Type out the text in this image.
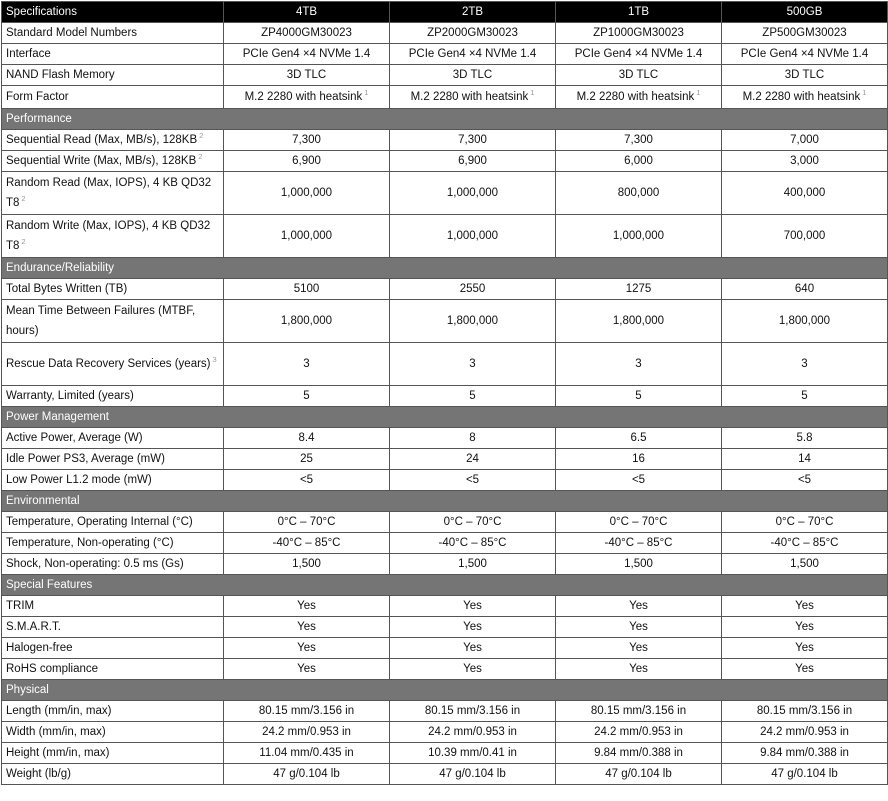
Specifications	4TB	2TB	1TB	500GB
Standard Model Numbers	ZP4000GM30023	ZP2000GM30023	ZP1000GM30023	ZP500GM30023
Interface	PCIe Gen4 ×4 NVMe 1.4	PCIe Gen4 ×4 NVMe 1.4	PCIe Gen4 ×4 NVMe 1.4	PCIe Gen4 ×4 NVMe 1.4
NAND Flash Memory	3D TLC	3D TLC	3D TLC	3D TLC
Form Factor	M.2 2280 with heatsink $^1$	M.2 2280 with heatsink $^1$	M.2 2280 with heatsink $^1$	M.2 2280 with heatsink $^1$
Performance				
Sequential Read (Max, MB/s), 128KB $^2$	7,300	7,300	7,300	7,000
Sequential Write (Max, MB/s), 128KB $^2$	6,900	6,900	6,000	3,000
Random Read (Max, IOPS), 4 KB QD32 T8 $^2$	1,000,000	1,000,000	800,000	400,000
Random Write (Max, IOPS), 4 KB QD32 T8 $^2$	1,000,000	1,000,000	1,000,000	700,000
Endurance/Reliability				
Total Bytes Written (TB)	5100	2550	1275	640
Mean Time Between Failures (MTBF, hours)	1,800,000	1,800,000	1,800,000	1,800,000
Rescue Data Recovery Services (years) $^3$	3	3	3	3
Warranty, Limited (years)	5	5	5	5
Power Management				
Active Power, Average (W)	8.4	8	6.5	5.8
Idle Power PS3, Average (mW)	25	24	16	14
Low Power L1.2 mode (mW)	<5	<5	<5	<5
Environmental				
Temperature, Operating Internal (°C)	0°C – 70°C	0°C – 70°C	0°C – 70°C	0°C – 70°C
Temperature, Non-operating (°C)	-40°C – 85°C	-40°C – 85°C	-40°C – 85°C	-40°C – 85°C
Shock, Non-operating: 0.5 ms (Gs)	1,500	1,500	1,500	1,500
Special Features				
TRIM	Yes	Yes	Yes	Yes
S.M.A.R.T.	Yes	Yes	Yes	Yes
Halogen-free	Yes	Yes	Yes	Yes
RoHS compliance	Yes	Yes	Yes	Yes
Physical				
Length (mm/in, max)	80.15 mm/3.156 in	80.15 mm/3.156 in	80.15 mm/3.156 in	80.15 mm/3.156 in
Width (mm/in, max)	24.2 mm/0.953 in	24.2 mm/0.953 in	24.2 mm/0.953 in	24.2 mm/0.953 in
Height (mm/in, max)	11.04 mm/0.435 in	10.39 mm/0.41 in	9.84 mm/0.388 in	9.84 mm/0.388 in
Weight (lb/g)	47 g/0.104 lb	47 g/0.104 lb	47 g/0.104 lb	47 g/0.104 lb
